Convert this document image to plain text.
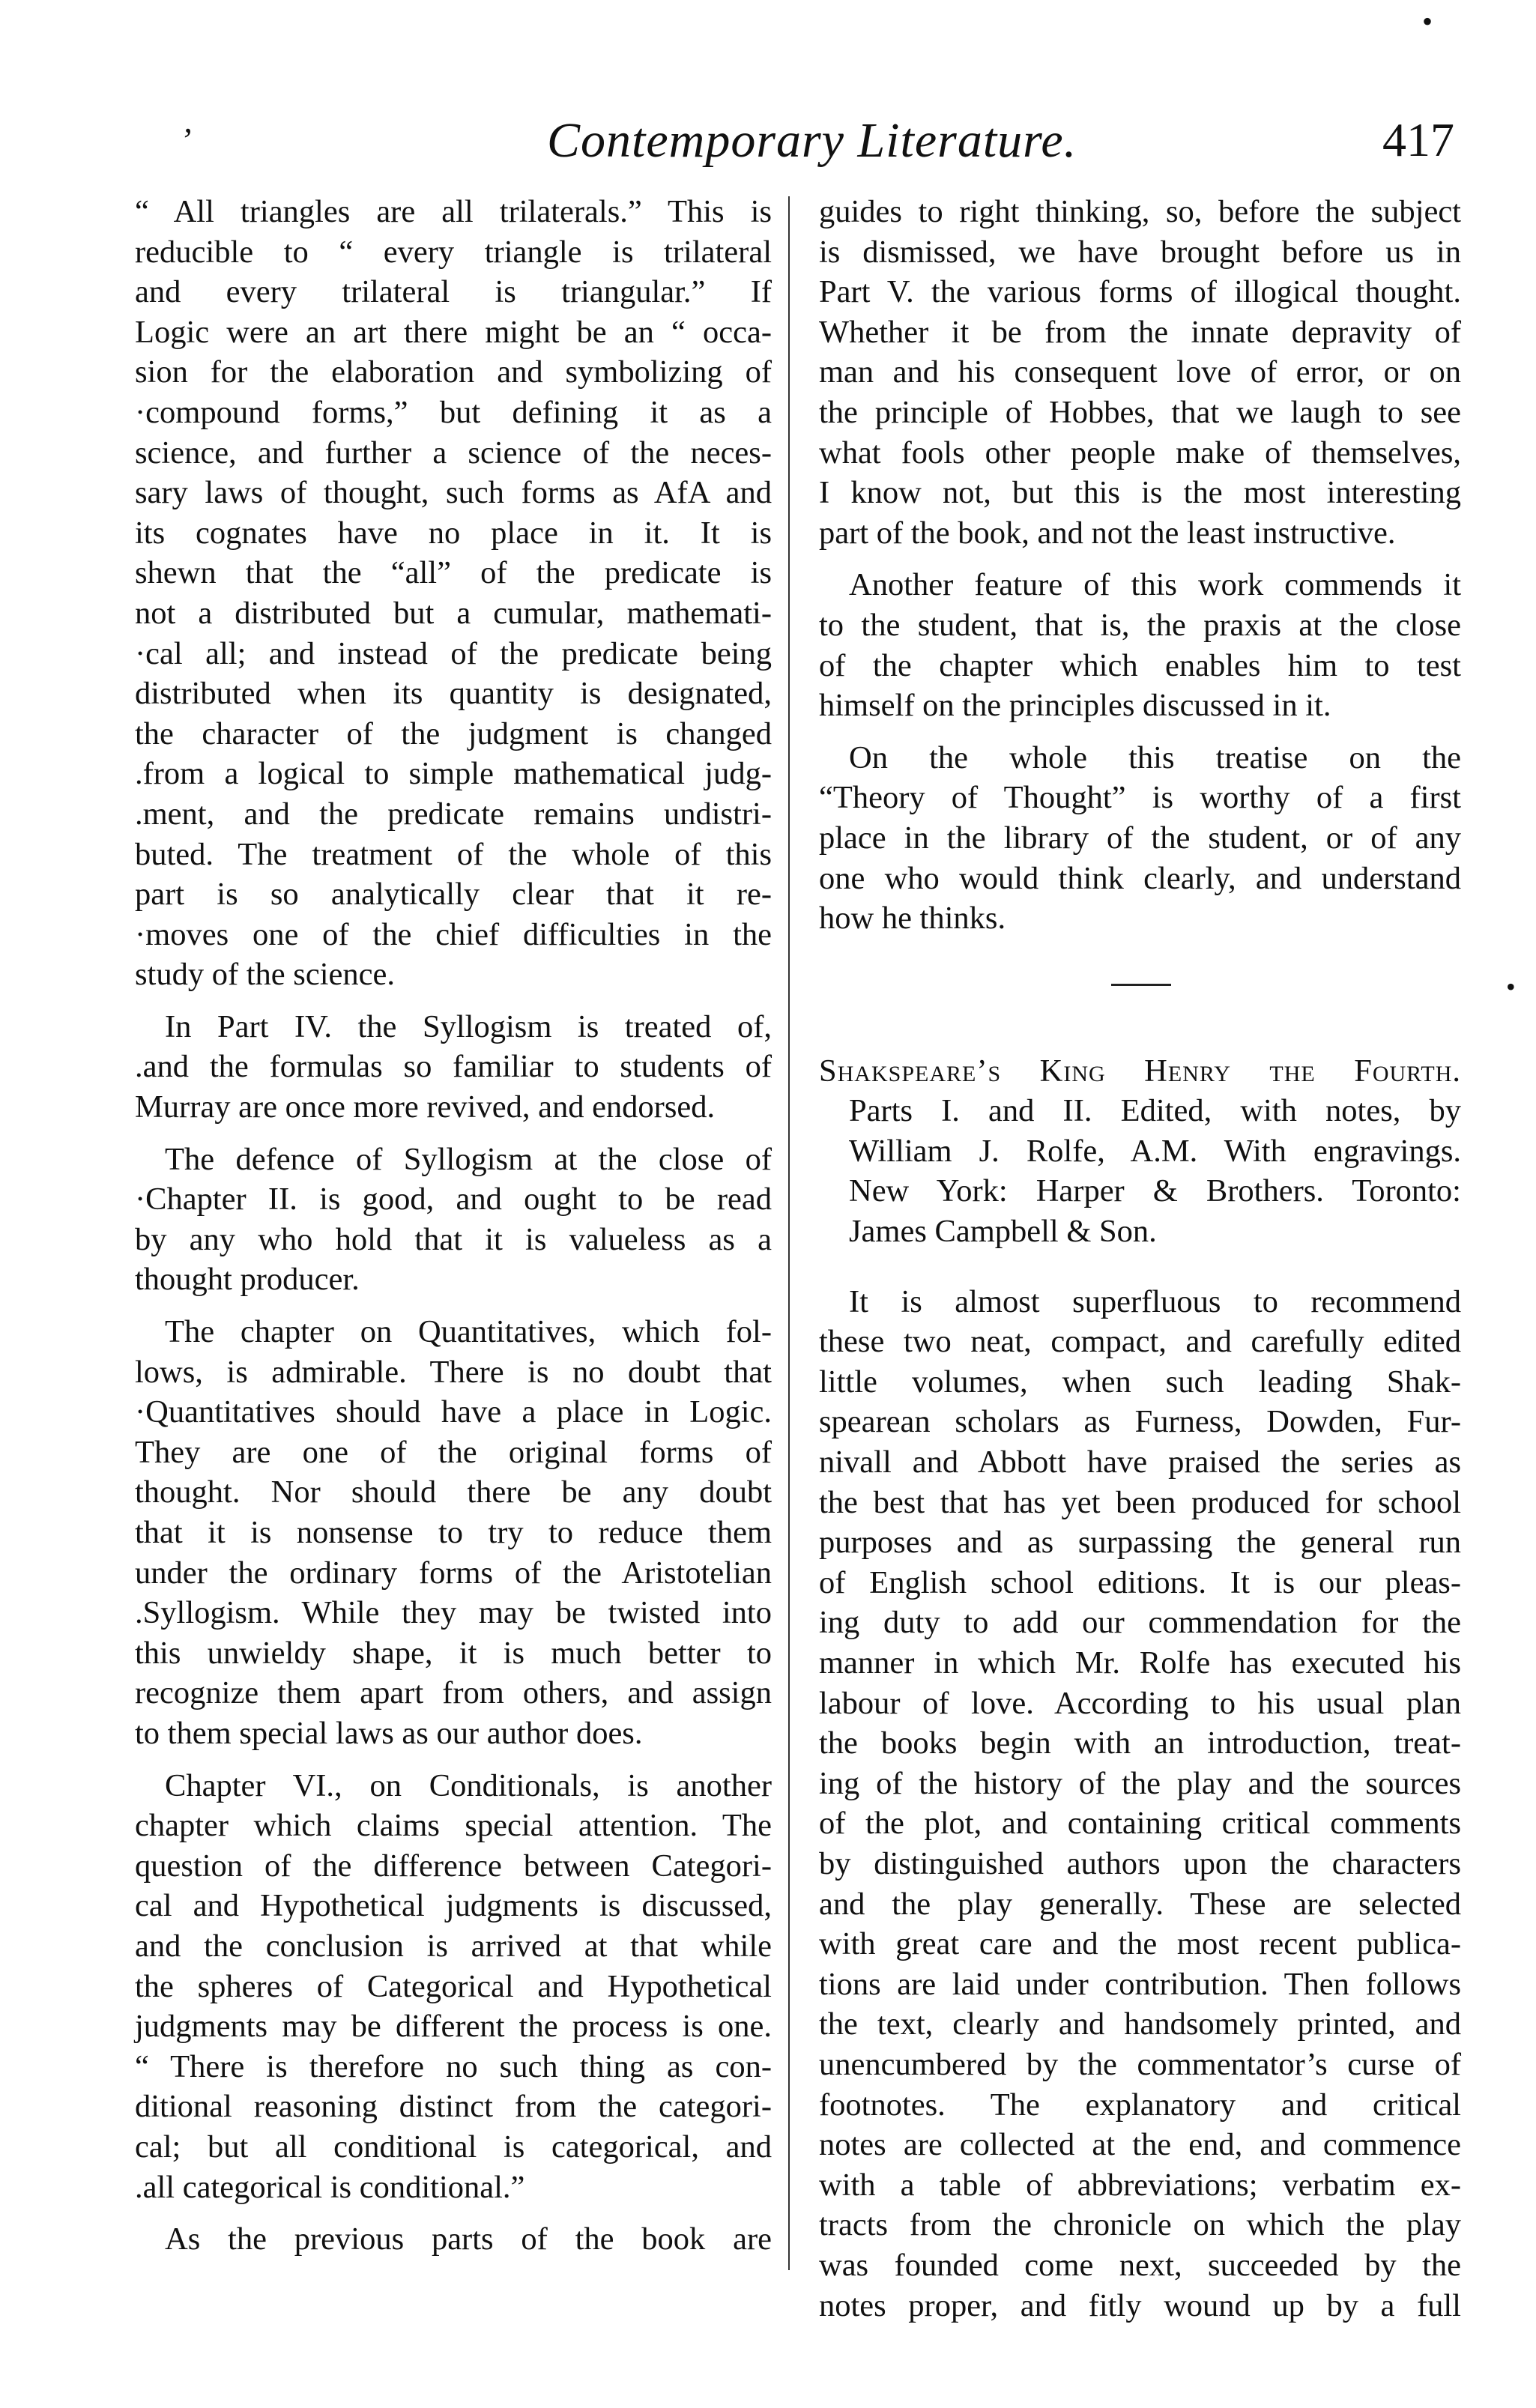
•
•
’	Contemporary Literature.	417
“ All triangles are all trilaterals.” This is
reducible to “ every triangle is trilateral
and every trilateral is triangular.” If
Logic were an art there might be an “ occa-
sion for the elaboration and symbolizing of
·compound forms,” but defining it as a
science, and further a science of the neces-
sary laws of thought, such forms as AfA and
its cognates have no place in it. It is
shewn that the “all” of the predicate is
not a distributed but a cumular, mathemati-
·cal all; and instead of the predicate being
distributed when its quantity is designated,
the character of the judgment is changed
.from a logical to simple mathematical judg-
.ment, and the predicate remains undistri-
buted. The treatment of the whole of this
part is so analytically clear that it re-
·moves one of the chief difficulties in the
study of the science.
In Part IV. the Syllogism is treated of,
.and the formulas so familiar to students of
Murray are once more revived, and endorsed.
The defence of Syllogism at the close of
·Chapter II. is good, and ought to be read
by any who hold that it is valueless as a
thought producer.
The chapter on Quantitatives, which fol-
lows, is admirable. There is no doubt that
·Quantitatives should have a place in Logic.
They are one of the original forms of
thought. Nor should there be any doubt
that it is nonsense to try to reduce them
under the ordinary forms of the Aristotelian
.Syllogism. While they may be twisted into
this unwieldy shape, it is much better to
recognize them apart from others, and assign
to them special laws as our author does.
Chapter VI., on Conditionals, is another
chapter which claims special attention. The
question of the difference between Categori-
cal and Hypothetical judgments is discussed,
and the conclusion is arrived at that while
the spheres of Categorical and Hypothetical
judgments may be different the process is one.
“ There is therefore no such thing as con-
ditional reasoning distinct from the categori-
cal; but all conditional is categorical, and
.all categorical is conditional.”
As the previous parts of the book are
guides to right thinking, so, before the subject
is dismissed, we have brought before us in
Part V. the various forms of illogical thought.
Whether it be from the innate depravity of
man and his consequent love of error, or on
the principle of Hobbes, that we laugh to see
what fools other people make of themselves,
I know not, but this is the most interesting
part of the book, and not the least instructive.
Another feature of this work commends it
to the student, that is, the praxis at the close
of the chapter which enables him to test
himself on the principles discussed in it.
On the whole this treatise on the
“Theory of Thought” is worthy of a first
place in the library of the student, or of any
one who would think clearly, and understand
how he thinks.
Shakspeare’s King Henry the Fourth.
Parts I. and II. Edited, with notes, by
William J. Rolfe, A.M. With engravings.
New York: Harper & Brothers. Toronto:
James Campbell & Son.
It is almost superfluous to recommend
these two neat, compact, and carefully edited
little volumes, when such leading Shak-
spearean scholars as Furness, Dowden, Fur-
nivall and Abbott have praised the series as
the best that has yet been produced for school
purposes and as surpassing the general run
of English school editions. It is our pleas-
ing duty to add our commendation for the
manner in which Mr. Rolfe has executed his
labour of love. According to his usual plan
the books begin with an introduction, treat-
ing of the history of the play and the sources
of the plot, and containing critical comments
by distinguished authors upon the characters
and the play generally. These are selected
with great care and the most recent publica-
tions are laid under contribution. Then follows
the text, clearly and handsomely printed, and
unencumbered by the commentator’s curse of
footnotes. The explanatory and critical
notes are collected at the end, and commence
with a table of abbreviations; verbatim ex-
tracts from the chronicle on which the play
was founded come next, succeeded by the
notes proper, and fitly wound up by a full
